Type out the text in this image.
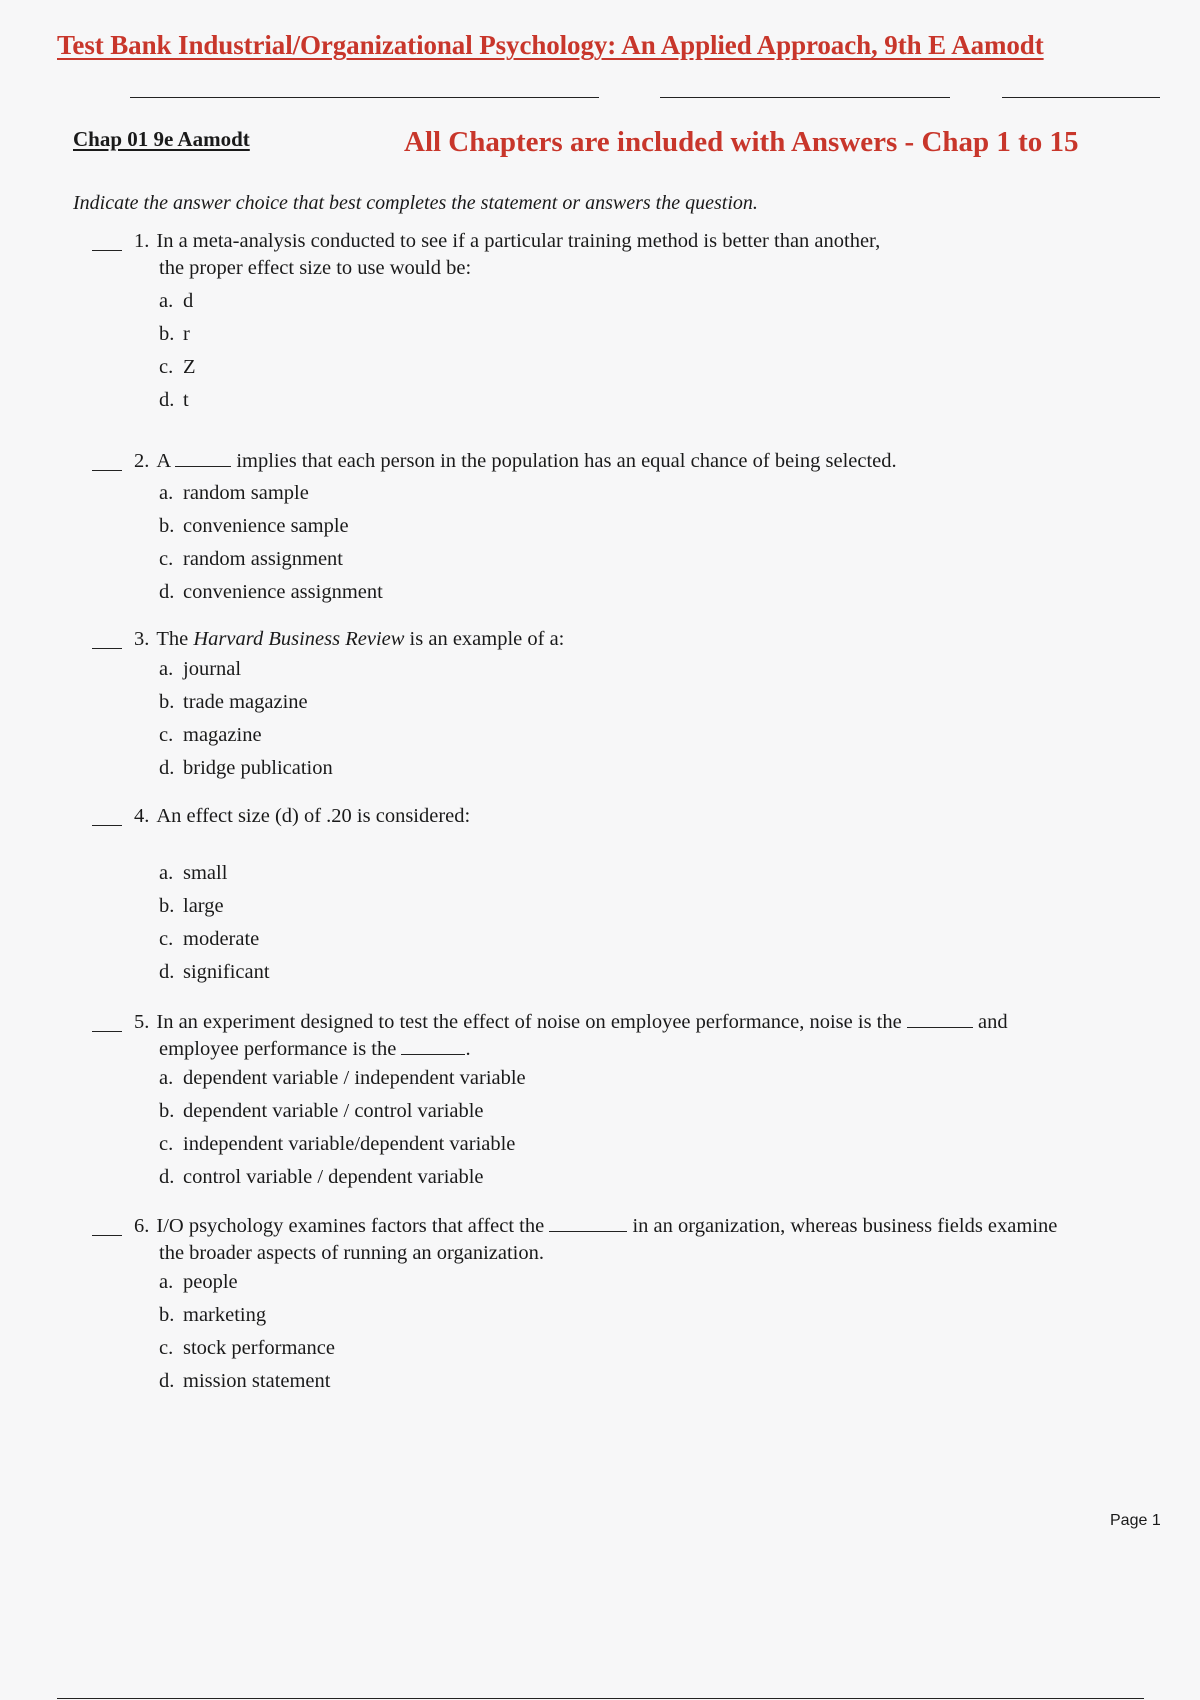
Test Bank Industrial/Organizational Psychology: An Applied Approach, 9th E Aamodt
Chap 01 9e Aamodt	All Chapters are included with Answers - Chap 1 to 15
Indicate the answer choice that best completes the statement or answers the question.
1. In a meta-analysis conducted to see if a particular training method is better than another,
the proper effect size to use would be:
a. d
b. r
c. Z
d. t
2. A	implies that each person in the population has an equal chance of being selected.
a. random sample
b. convenience sample
c. random assignment
d. convenience assignment
3. The Harvard Business Review is an example of a:
a. journal
b. trade magazine
c. magazine
d. bridge publication
4. An effect size (d) of .20 is considered:
a. small
b. large
c. moderate
d. significant
5. In an experiment designed to test the effect of noise on employee performance, noise is the	and
employee performance is the	.
a. dependent variable / independent variable
b. dependent variable / control variable
c. independent variable/dependent variable
d. control variable / dependent variable
6. I/O psychology examines factors that affect the	in an organization, whereas business fields examine
the broader aspects of running an organization.
a. people
b. marketing
c. stock performance
d. mission statement
Page 1
